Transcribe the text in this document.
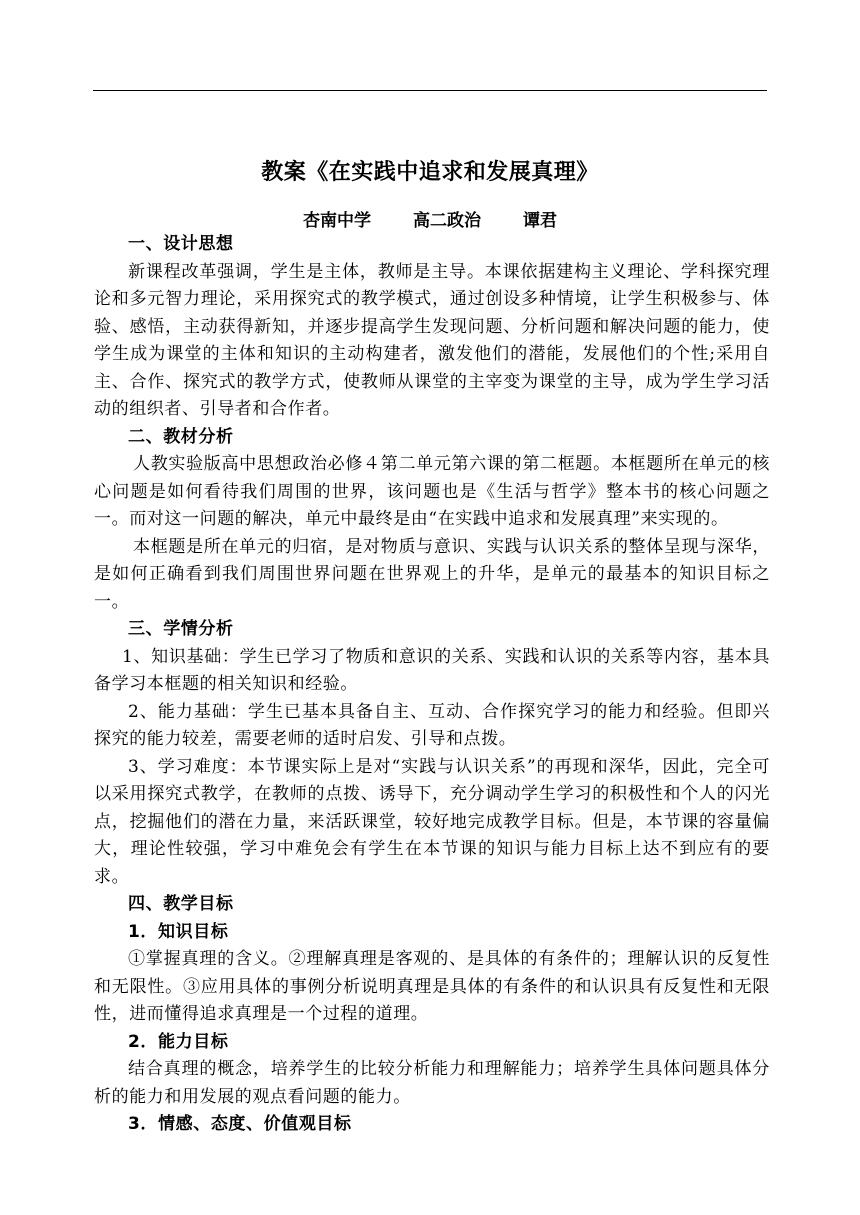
教案《在实践中追求和发展真理》
杏南中学 高二政治 谭君

一、设计思想

新课程改革强调，学生是主体，教师是主导。本课依据建构主义理论、学科探究理论和多元智力理论，采用探究式的教学模式，通过创设多种情境，让学生积极参与、体验、感悟，主动获得新知，并逐步提高学生发现问题、分析问题和解决问题的能力，使学生成为课堂的主体和知识的主动构建者，激发他们的潜能，发展他们的个性;采用自主、合作、探究式的教学方式，使教师从课堂的主宰变为课堂的主导，成为学生学习活动的组织者、引导者和合作者。

二、教材分析

人教实验版高中思想政治必修４第二单元第六课的第二框题。本框题所在单元的核心问题是如何看待我们周围的世界，该问题也是《生活与哲学》整本书的核心问题之一。而对这一问题的解决，单元中最终是由“在实践中追求和发展真理”来实现的。

本框题是所在单元的归宿，是对物质与意识、实践与认识关系的整体呈现与深华，是如何正确看到我们周围世界问题在世界观上的升华，是单元的最基本的知识目标之一。

三、学情分析

1、知识基础：学生已学习了物质和意识的关系、实践和认识的关系等内容，基本具备学习本框题的相关知识和经验。

2、能力基础：学生已基本具备自主、互动、合作探究学习的能力和经验。但即兴探究的能力较差，需要老师的适时启发、引导和点拨。

3、学习难度：本节课实际上是对“实践与认识关系”的再现和深华，因此，完全可以采用探究式教学，在教师的点拨、诱导下，充分调动学生学习的积极性和个人的闪光点，挖掘他们的潜在力量，来活跃课堂，较好地完成教学目标。但是，本节课的容量偏大，理论性较强，学习中难免会有学生在本节课的知识与能力目标上达不到应有的要求。

四、教学目标

1．知识目标

①掌握真理的含义。②理解真理是客观的、是具体的有条件的；理解认识的反复性和无限性。③应用具体的事例分析说明真理是具体的有条件的和认识具有反复性和无限性，进而懂得追求真理是一个过程的道理。

2．能力目标

结合真理的概念，培养学生的比较分析能力和理解能力；培养学生具体问题具体分析的能力和用发展的观点看问题的能力。

3．情感、态度、价值观目标
